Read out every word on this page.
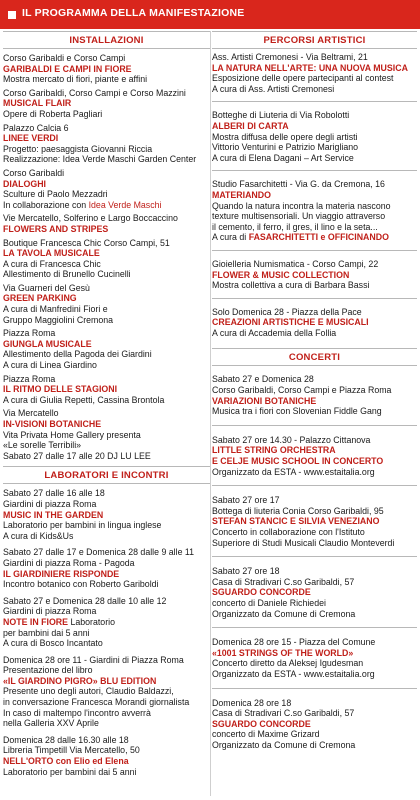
IL PROGRAMMA DELLA MANIFESTAZIONE
INSTALLAZIONI
Corso Garibaldi e Corso Campi
GARIBALDI E CAMPI IN FIORE
Mostra mercato di fiori, piante e affini
Corso Garibaldi, Corso Campi e Corso Mazzini
MUSICAL FLAIR
Opere di Roberta Pagliari
Palazzo Calcia 6
LINEE VERDI
Progetto: paesaggista Giovanni Riccia
Realizzazione: Idea Verde Maschi Garden Center
Corso Garibaldi
DIALOGHI
Sculture di Paolo Mezzadri
In collaborazione con Idea Verde Maschi
Vie Mercatello, Solferino e Largo Boccaccino
FLOWERS AND STRIPES
Boutique Francesca Chic Corso Campi, 51
LA TAVOLA MUSICALE
A cura di Francesca Chic
Allestimento di Brunello Cucinelli
Via Guarneri del Gesù
GREEN PARKING
A cura di Manfredini Fiori e
Gruppo Maggiolini Cremona
Piazza Roma
GIUNGLA MUSICALE
Allestimento della Pagoda dei Giardini
A cura di Linea Giardino
Piazza Roma
IL RITMO DELLE STAGIONI
A cura di Giulia Repetti, Cassina Brontola
Via Mercatello
IN-VISIONI BOTANICHE
Vita Privata Home Gallery presenta
«Le sorelle Terribili»
Sabato 27 dalle 17 alle 20 DJ LU LEE
LABORATORI E INCONTRI
Sabato 27 dalle 16 alle 18
Giardini di piazza Roma
MUSIC IN THE GARDEN
Laboratorio per bambini in lingua inglese
A cura di Kids&Us
Sabato 27 dalle 17 e Domenica 28 dalle 9 alle 11
Giardini di piazza Roma - Pagoda
IL GIARDINIERE RISPONDE
Incontro botanico con Roberto Gariboldi
Sabato 27 e Domenica 28 dalle 10 alle 12
Giardini di piazza Roma
NOTE IN FIORE Laboratorio
per bambini dai 5 anni
A cura di Bosco Incantato
Domenica 28 ore 11 - Giardini di Piazza Roma
Presentazione del libro
«IL GIARDINO PIGRO» BLU EDITION
Presente uno degli autori, Claudio Baldazzi,
in conversazione Francesca Morandi giornalista
In caso di maltempo l'incontro avverrà
nella Galleria XXV Aprile
Domenica 28 dalle 16.30 alle 18
Libreria Timpetill Via Mercatello, 50
NELL'ORTO con Elio ed Elena
Laboratorio per bambini dai 5 anni
PERCORSI ARTISTICI
Ass. Artisti Cremonesi - Via Beltrami, 21
LA NATURA NELL'ARTE: UNA NUOVA MUSICA
Esposizione delle opere partecipanti al contest
A cura di Ass. Artisti Cremonesi
Botteghe di Liuteria di Via Robolotti
ALBERI DI CARTA
Mostra diffusa delle opere degli artisti
Vittorio Venturini e Patrizio Marigliano
A cura di Elena Dagani – Art Service
Studio Fasarchitetti - Via G. da Cremona, 16
MATERIANDO
Quando la natura incontra la materia nascono
texture multisensoriali. Un viaggio attraverso
il cemento, il ferro, il gres, il lino e la seta...
A cura di FASARCHITETTI e OFFICINANDO
Gioielleria Numismatica - Corso Campi, 22
FLOWER & MUSIC COLLECTION
Mostra collettiva a cura di Barbara Bassi
Solo Domenica 28 - Piazza della Pace
CREAZIONI ARTISTICHE E MUSICALI
A cura di Accademia della Follia
CONCERTI
Sabato 27 e Domenica 28
Corso Garibaldi, Corso Campi e Piazza Roma
VARIAZIONI BOTANICHE
Musica tra i fiori con Slovenian Fiddle Gang
Sabato 27 ore 14.30 - Palazzo Cittanova
LITTLE STRING ORCHESTRA
E CELJE MUSIC SCHOOL IN CONCERTO
Organizzato da ESTA - www.estaitalia.org
Sabato 27 ore 17
Bottega di liuteria Conia Corso Garibaldi, 95
STEFAN STANCIC E SILVIA VENEZIANO
Concerto in collaborazione con l'Istituto
Superiore di Studi Musicali Claudio Monteverdi
Sabato 27 ore 18
Casa di Stradivari C.so Garibaldi, 57
SGUARDO CONCORDE
concerto di Daniele Richiedei
Organizzato da Comune di Cremona
Domenica 28 ore 15 - Piazza del Comune
«1001 STRINGS OF THE WORLD»
Concerto diretto da Aleksej Igudesman
Organizzato da ESTA - www.estaitalia.org
Domenica 28 ore 18
Casa di Stradivari C.so Garibaldi, 57
SGUARDO CONCORDE
concerto di Maxime Grizard
Organizzato da Comune di Cremona
